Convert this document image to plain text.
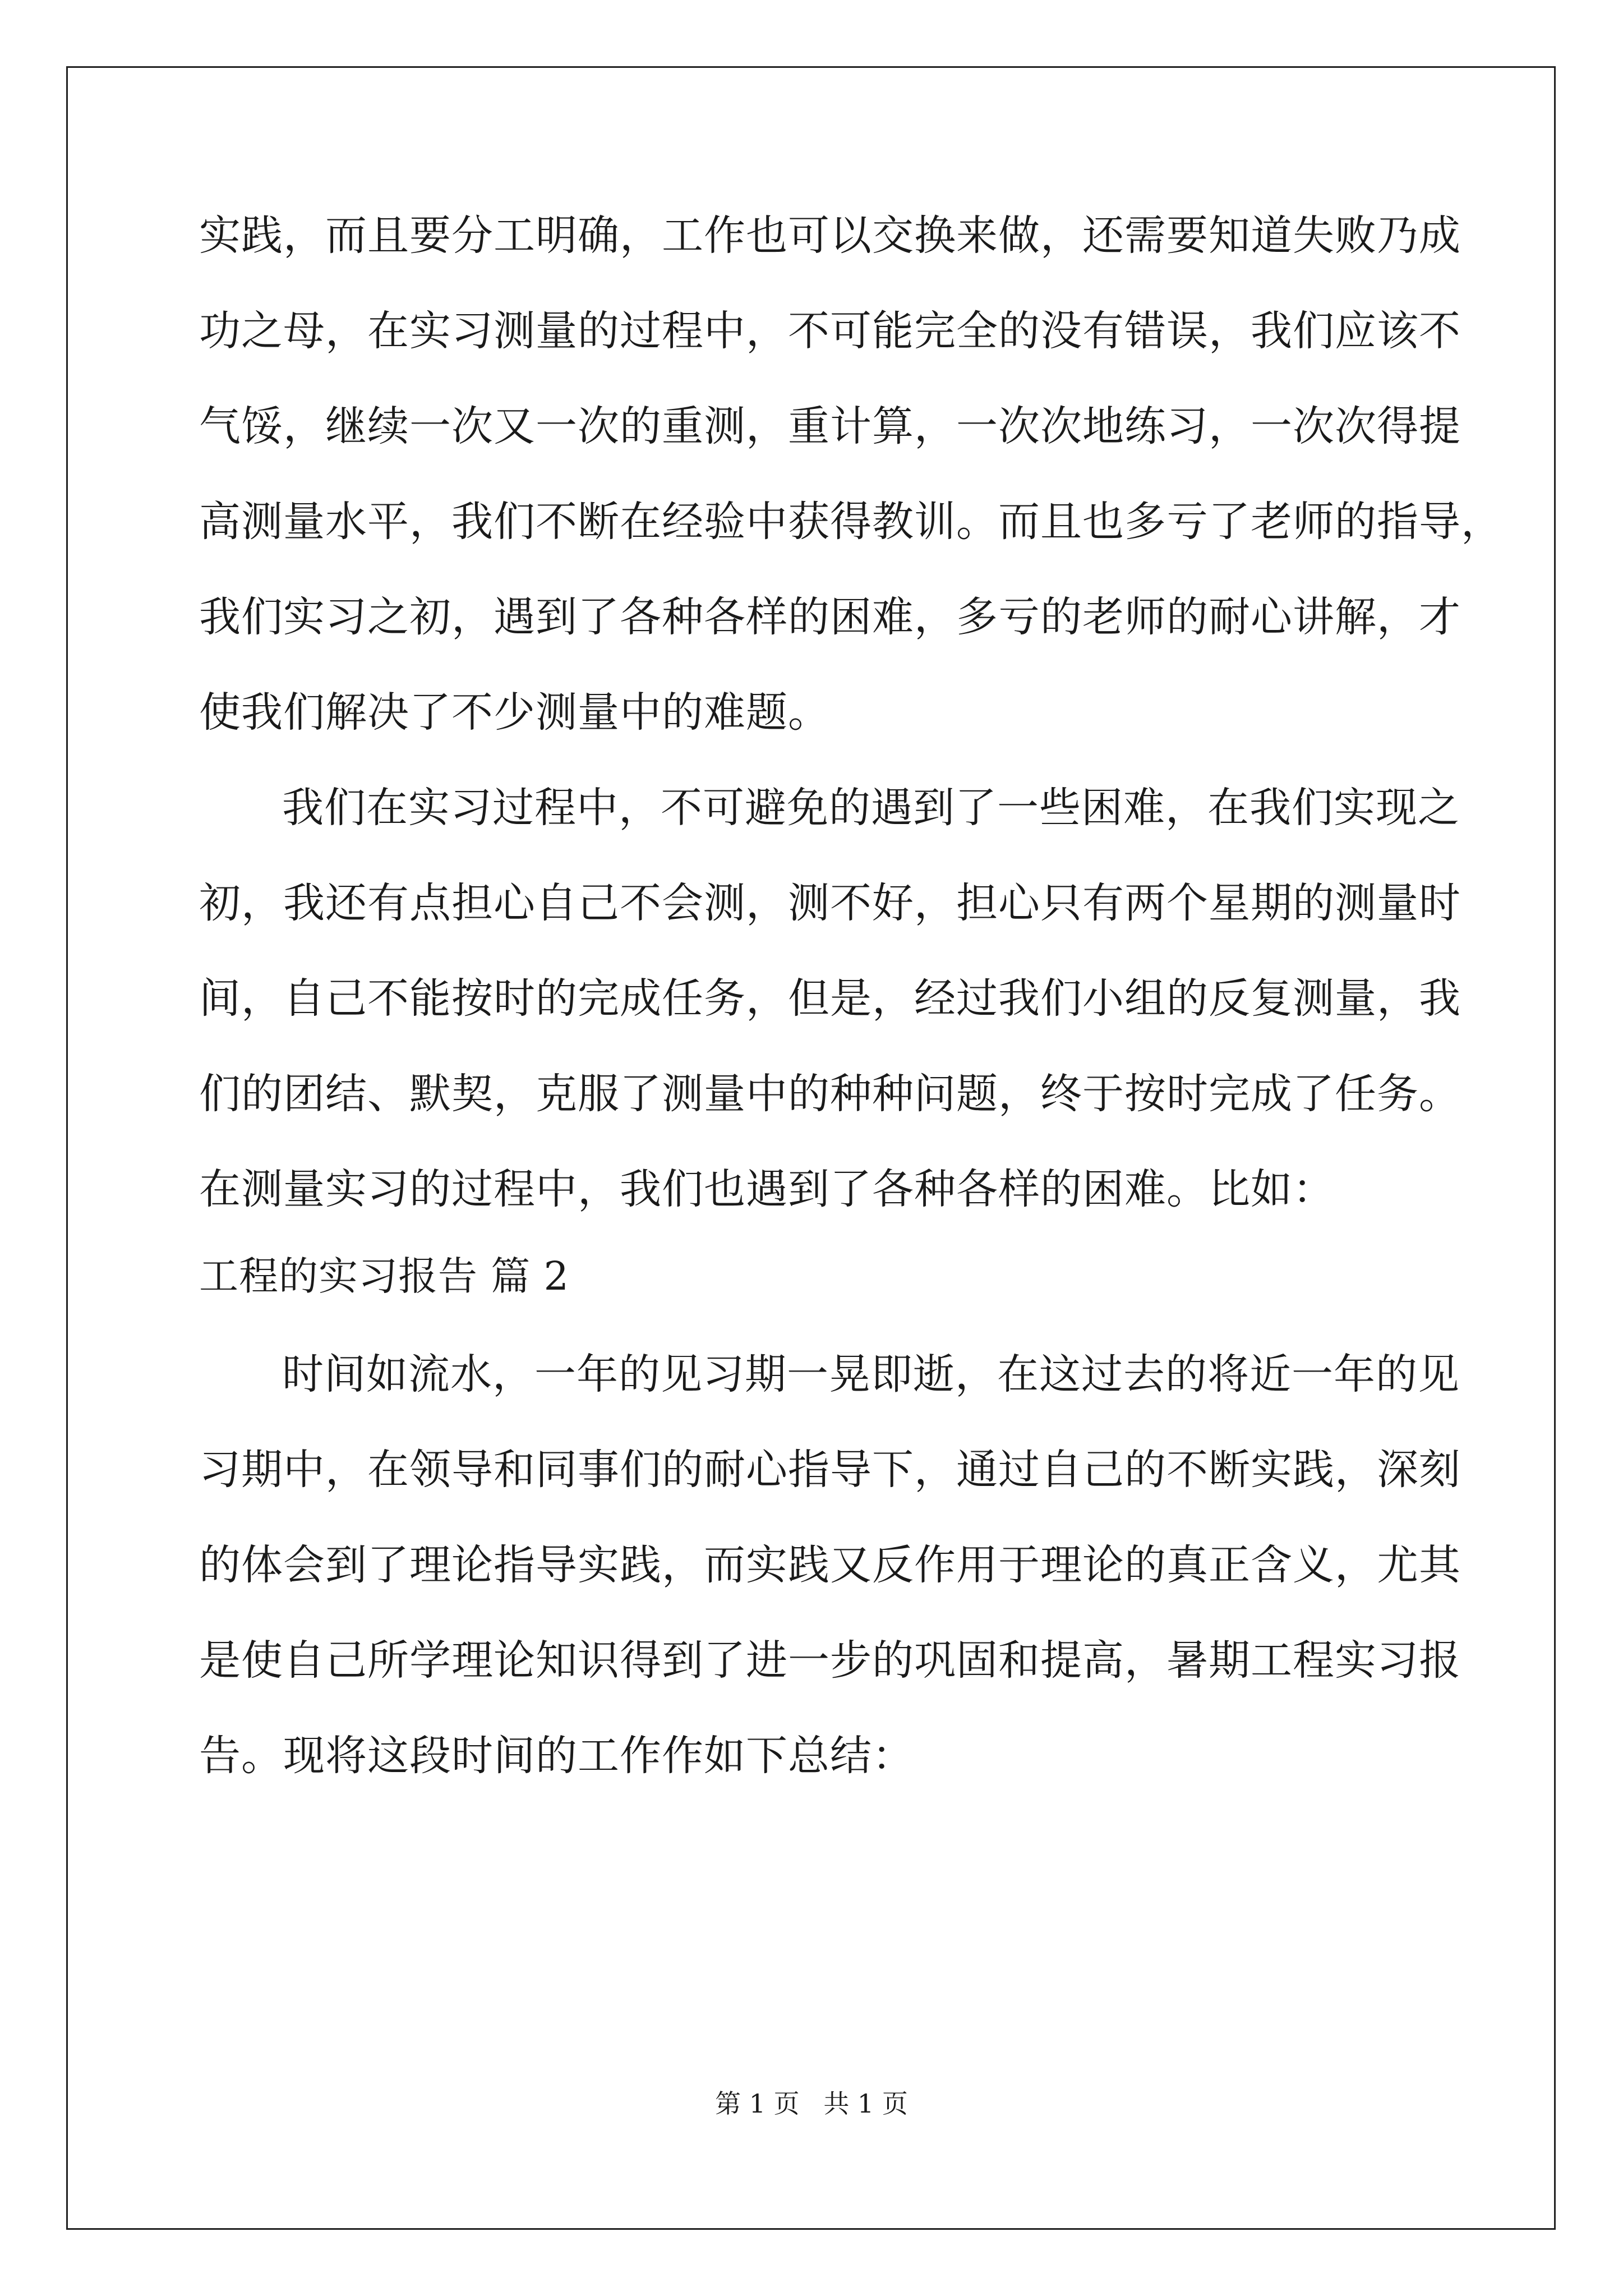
实践，而且要分工明确，工作也可以交换来做，还需要知道失败乃成
功之母，在实习测量的过程中，不可能完全的没有错误，我们应该不
气馁，继续一次又一次的重测，重计算，一次次地练习，一次次得提
高测量水平，我们不断在经验中获得教训。而且也多亏了老师的指导，
我们实习之初，遇到了各种各样的困难，多亏的老师的耐心讲解，才
使我们解决了不少测量中的难题。
我们在实习过程中，不可避免的遇到了一些困难，在我们实现之
初，我还有点担心自己不会测，测不好，担心只有两个星期的测量时
间，自己不能按时的完成任务，但是，经过我们小组的反复测量，我
们的团结、默契，克服了测量中的种种问题，终于按时完成了任务。
在测量实习的过程中，我们也遇到了各种各样的困难。比如：
工程的实习报告 篇 2
时间如流水，一年的见习期一晃即逝，在这过去的将近一年的见
习期中，在领导和同事们的耐心指导下，通过自己的不断实践，深刻
的体会到了理论指导实践，而实践又反作用于理论的真正含义，尤其
是使自己所学理论知识得到了进一步的巩固和提高，暑期工程实习报
告。现将这段时间的工作作如下总结：
第 1 页 共 1 页
